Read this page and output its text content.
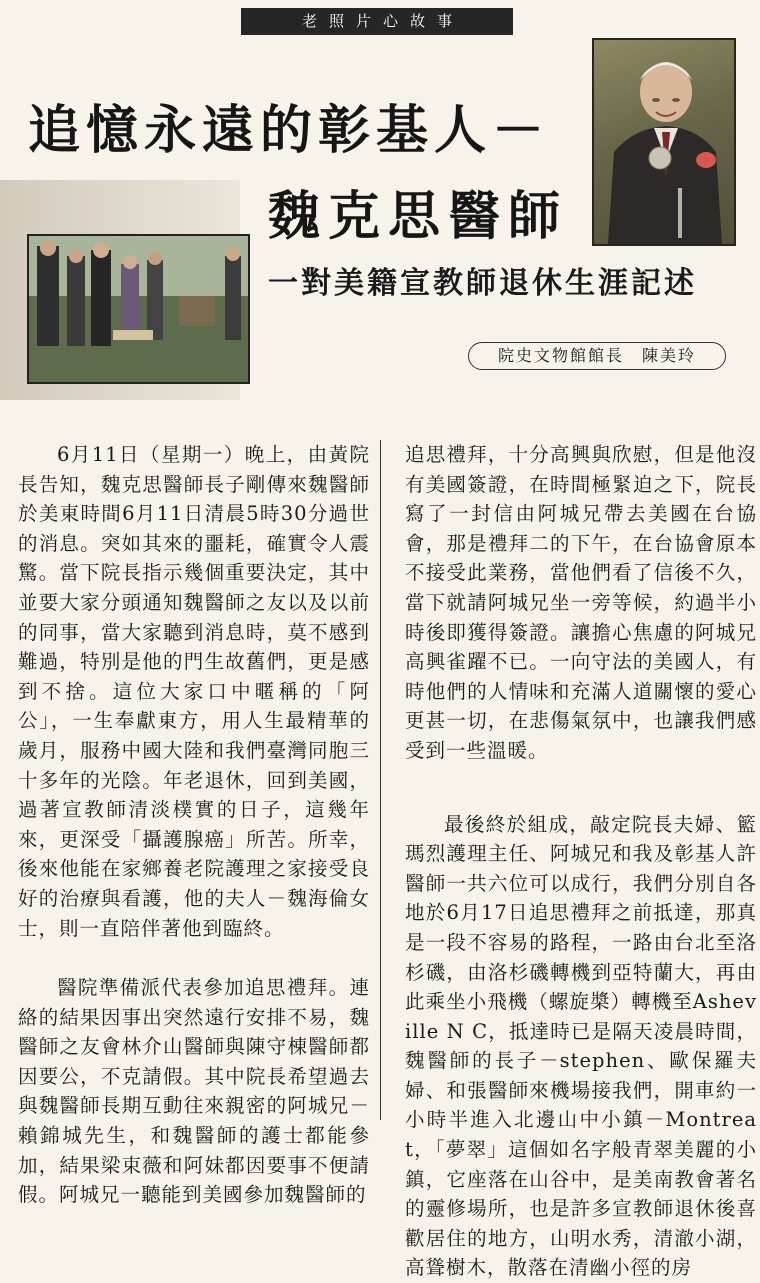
老照片心故事
追憶永遠的彰基人－
魏克思醫師
一對美籍宣教師退休生涯記述
院史文物館館長　陳美玲

6月11日（星期一）晚上，由黃院長告知，魏克思醫師長子剛傳來魏醫師於美東時間6月11日清晨5時30分過世的消息。突如其來的噩耗，確實令人震驚。當下院長指示幾個重要決定，其中並要大家分頭通知魏醫師之友以及以前的同事，當大家聽到消息時，莫不感到難過，特別是他的門生故舊們，更是感到不捨。這位大家口中暱稱的「阿公」，一生奉獻東方，用人生最精華的歲月，服務中國大陸和我們臺灣同胞三十多年的光陰。年老退休，回到美國，過著宣教師清淡樸實的日子，這幾年來，更深受「攝護腺癌」所苦。所幸，後來他能在家鄉養老院護理之家接受良好的治療與看護，他的夫人－魏海倫女士，則一直陪伴著他到臨終。

醫院準備派代表參加追思禮拜。連絡的結果因事出突然遠行安排不易，魏醫師之友會林介山醫師與陳守棟醫師都因要公，不克請假。其中院長希望過去與魏醫師長期互動往來親密的阿城兄－賴錦城先生，和魏醫師的護士都能參加，結果梁束薇和阿妹都因要事不便請假。阿城兄一聽能到美國參加魏醫師的

追思禮拜，十分高興與欣慰，但是他沒有美國簽證，在時間極緊迫之下，院長寫了一封信由阿城兄帶去美國在台協會，那是禮拜二的下午，在台協會原本不接受此業務，當他們看了信後不久，當下就請阿城兄坐一旁等候，約過半小時後即獲得簽證。讓擔心焦慮的阿城兄高興雀躍不已。一向守法的美國人，有時他們的人情味和充滿人道關懷的愛心更甚一切，在悲傷氣氛中，也讓我們感受到一些溫暖。

最後終於組成，敲定院長夫婦、籃瑪烈護理主任、阿城兄和我及彰基人許醫師一共六位可以成行，我們分別自各地於6月17日追思禮拜之前抵達，那真是一段不容易的路程，一路由台北至洛杉磯，由洛杉磯轉機到亞特蘭大，再由此乘坐小飛機（螺旋槳）轉機至Asheville N C，抵達時已是隔天凌晨時間，魏醫師的長子－stephen、歐保羅夫婦、和張醫師來機場接我們，開車約一小時半進入北邊山中小鎮－Montreat，「夢翠」這個如名字般青翠美麗的小鎮，它座落在山谷中，是美南教會著名的靈修場所，也是許多宣教師退休後喜歡居住的地方，山明水秀，清澈小湖，高聳樹木，散落在清幽小徑的房
